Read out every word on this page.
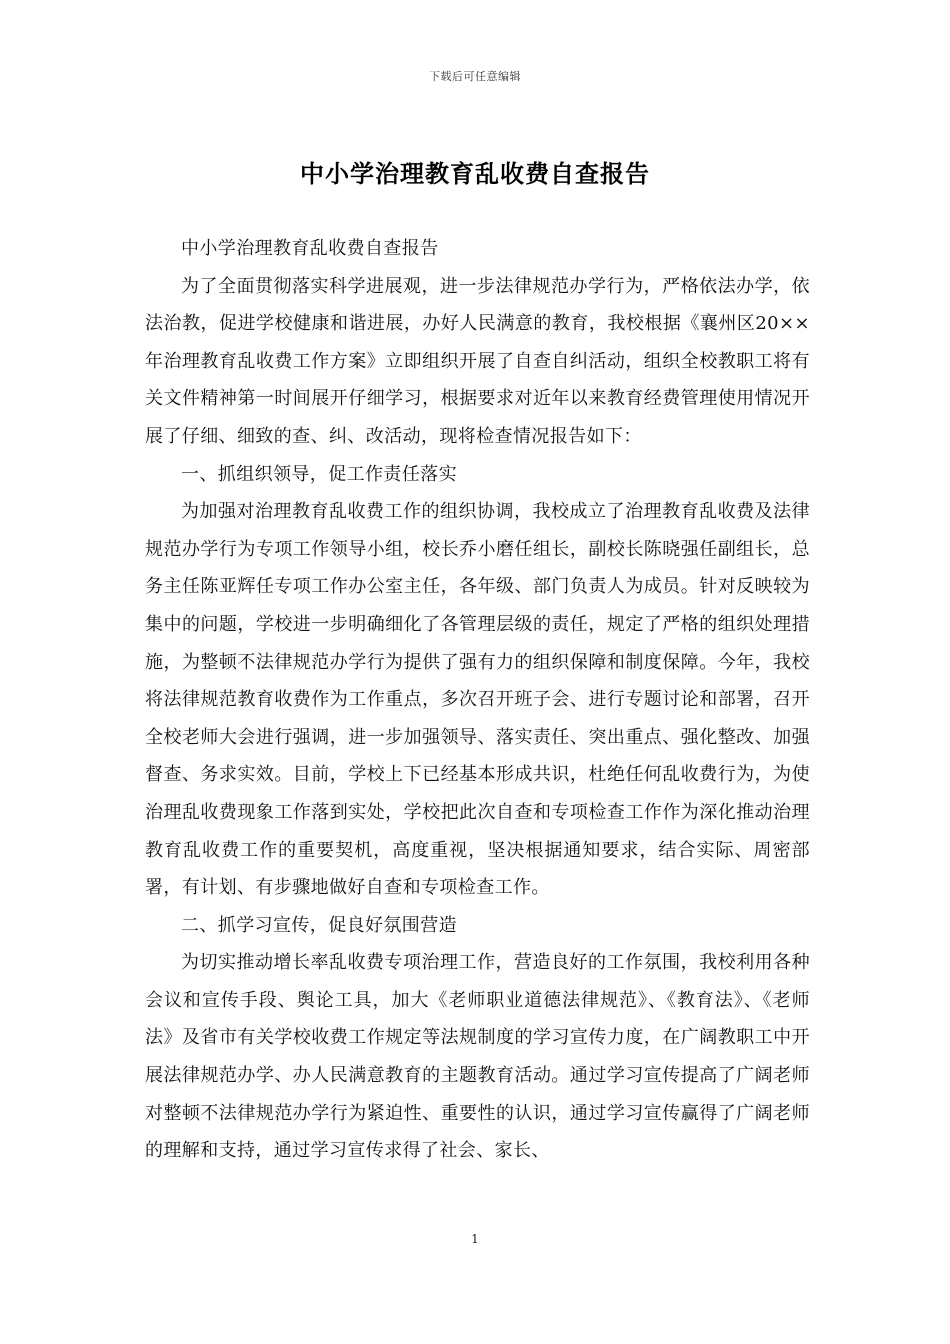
下载后可任意编辑
中小学治理教育乱收费自查报告

中小学治理教育乱收费自查报告

为了全面贯彻落实科学进展观，进一步法律规范办学行为，严格依法办学，依法治教，促进学校健康和谐进展，办好人民满意的教育，我校根据《襄州区20××年治理教育乱收费工作方案》立即组织开展了自查自纠活动，组织全校教职工将有关文件精神第一时间展开仔细学习，根据要求对近年以来教育经费管理使用情况开展了仔细、细致的查、纠、改活动，现将检查情况报告如下：

一、抓组织领导，促工作责任落实

为加强对治理教育乱收费工作的组织协调，我校成立了治理教育乱收费及法律规范办学行为专项工作领导小组，校长乔小磨任组长，副校长陈晓强任副组长，总务主任陈亚辉任专项工作办公室主任，各年级、部门负责人为成员。针对反映较为集中的问题，学校进一步明确细化了各管理层级的责任，规定了严格的组织处理措施，为整顿不法律规范办学行为提供了强有力的组织保障和制度保障。今年，我校将法律规范教育收费作为工作重点，多次召开班子会、进行专题讨论和部署，召开全校老师大会进行强调，进一步加强领导、落实责任、突出重点、强化整改、加强督查、务求实效。目前，学校上下已经基本形成共识，杜绝任何乱收费行为，为使治理乱收费现象工作落到实处，学校把此次自查和专项检查工作作为深化推动治理教育乱收费工作的重要契机，高度重视，坚决根据通知要求，结合实际、周密部署，有计划、有步骤地做好自查和专项检查工作。

二、抓学习宣传，促良好氛围营造

为切实推动增长率乱收费专项治理工作，营造良好的工作氛围，我校利用各种会议和宣传手段、舆论工具，加大《老师职业道德法律规范》、《教育法》、《老师法》及省市有关学校收费工作规定等法规制度的学习宣传力度，在广阔教职工中开展法律规范办学、办人民满意教育的主题教育活动。通过学习宣传提高了广阔老师对整顿不法律规范办学行为紧迫性、重要性的认识，通过学习宣传赢得了广阔老师的理解和支持，通过学习宣传求得了社会、家长、

1
